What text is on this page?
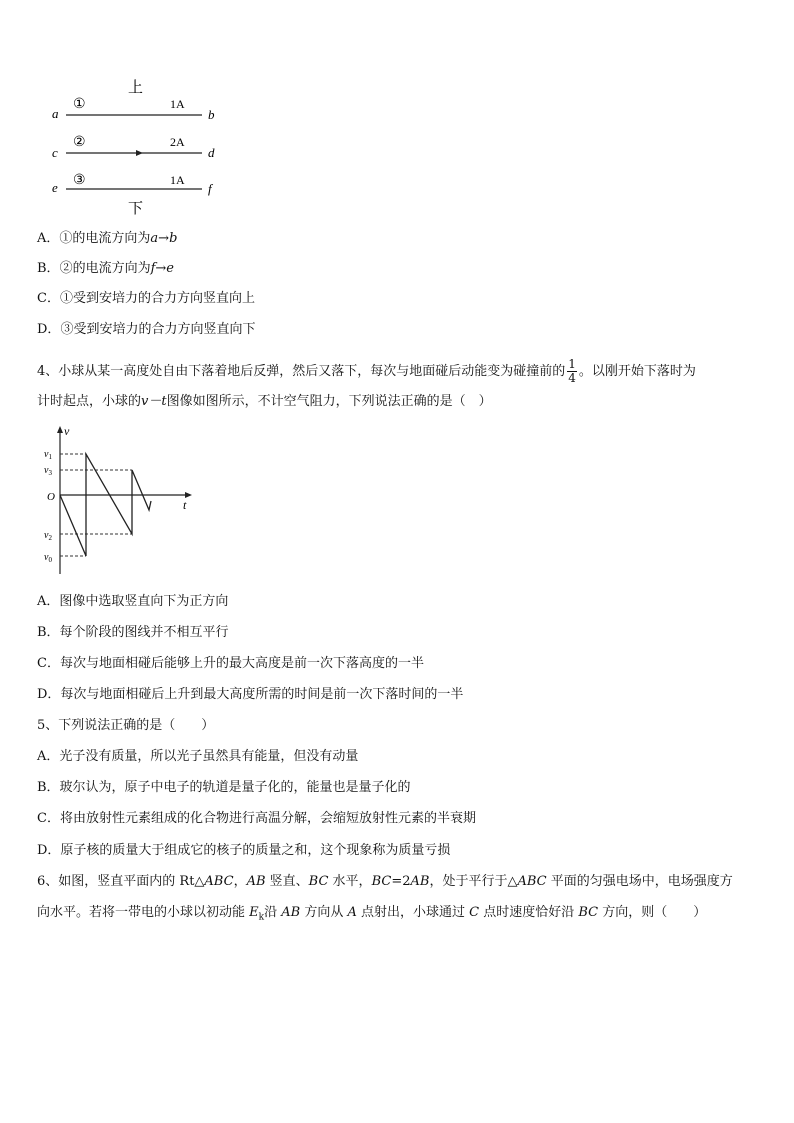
上
a
①	1A
b
c
②	2A
d
e ③	1A
f
下
A．①的电流方向为a→b
B．②的电流方向为f→e
C．①受到安培力的合力方向竖直向上
D．③受到安培力的合力方向竖直向下
4、小球从某一高度处自由下落着地后反弹，然后又落下，每次与地面碰后动能变为碰撞前的 $\frac{1}{4}$ 。以刚开始下落时为
计时起点，小球的v－t图像如图所示，不计空气阻力，下列说法正确的是（　）
v
t
O
$v_1$
$v_3$
$v_2$
$v_0$
A．图像中选取竖直向下为正方向
B．每个阶段的图线并不相互平行
C．每次与地面相碰后能够上升的最大高度是前一次下落高度的一半
D．每次与地面相碰后上升到最大高度所需的时间是前一次下落时间的一半
5、下列说法正确的是（　　）
A．光子没有质量，所以光子虽然具有能量，但没有动量
B．玻尔认为，原子中电子的轨道是量子化的，能量也是量子化的
C．将由放射性元素组成的化合物进行高温分解，会缩短放射性元素的半衰期
D．原子核的质量大于组成它的核子的质量之和，这个现象称为质量亏损
6、如图，竖直平面内的 Rt△ABC，AB 竖直、BC 水平，BC=2AB，处于平行于△ABC 平面的匀强电场中，电场强度方
向水平。若将一带电的小球以初动能 $E_k$沿 AB 方向从 A 点射出，小球通过 C 点时速度恰好沿 BC 方向，则（　　）
